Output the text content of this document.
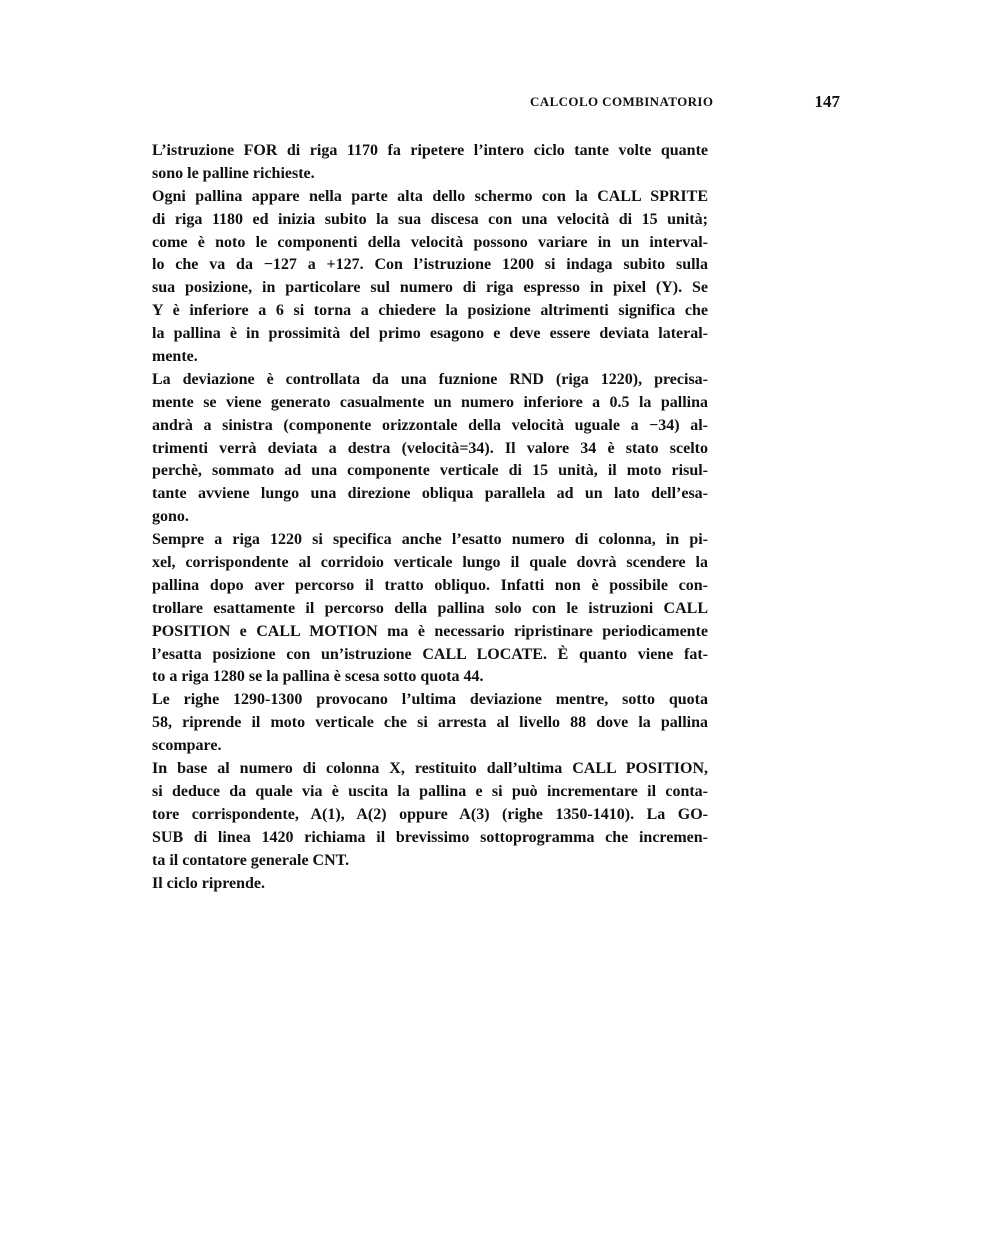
CALCOLO COMBINATORIO	147
L’istruzione FOR di riga 1170 fa ripetere l’intero ciclo tante volte quante
sono le palline richieste.
Ogni pallina appare nella parte alta dello schermo con la CALL SPRITE
di riga 1180 ed inizia subito la sua discesa con una velocità di 15 unità;
come è noto le componenti della velocità possono variare in un interval-
lo che va da −127 a +127. Con l’istruzione 1200 si indaga subito sulla
sua posizione, in particolare sul numero di riga espresso in pixel (Y). Se
Y è inferiore a 6 si torna a chiedere la posizione altrimenti significa che
la pallina è in prossimità del primo esagono e deve essere deviata lateral-
mente.
La deviazione è controllata da una fuznione RND (riga 1220), precisa-
mente se viene generato casualmente un numero inferiore a 0.5 la pallina
andrà a sinistra (componente orizzontale della velocità uguale a −34) al-
trimenti verrà deviata a destra (velocità=34). Il valore 34 è stato scelto
perchè, sommato ad una componente verticale di 15 unità, il moto risul-
tante avviene lungo una direzione obliqua parallela ad un lato dell’esa-
gono.
Sempre a riga 1220 si specifica anche l’esatto numero di colonna, in pi-
xel, corrispondente al corridoio verticale lungo il quale dovrà scendere la
pallina dopo aver percorso il tratto obliquo. Infatti non è possibile con-
trollare esattamente il percorso della pallina solo con le istruzioni CALL
POSITION e CALL MOTION ma è necessario ripristinare periodicamente
l’esatta posizione con un’istruzione CALL LOCATE. È quanto viene fat-
to a riga 1280 se la pallina è scesa sotto quota 44.
Le righe 1290-1300 provocano l’ultima deviazione mentre, sotto quota
58, riprende il moto verticale che si arresta al livello 88 dove la pallina
scompare.
In base al numero di colonna X, restituito dall’ultima CALL POSITION,
si deduce da quale via è uscita la pallina e si può incrementare il conta-
tore corrispondente, A(1), A(2) oppure A(3) (righe 1350-1410). La GO-
SUB di linea 1420 richiama il brevissimo sottoprogramma che incremen-
ta il contatore generale CNT.
Il ciclo riprende.
